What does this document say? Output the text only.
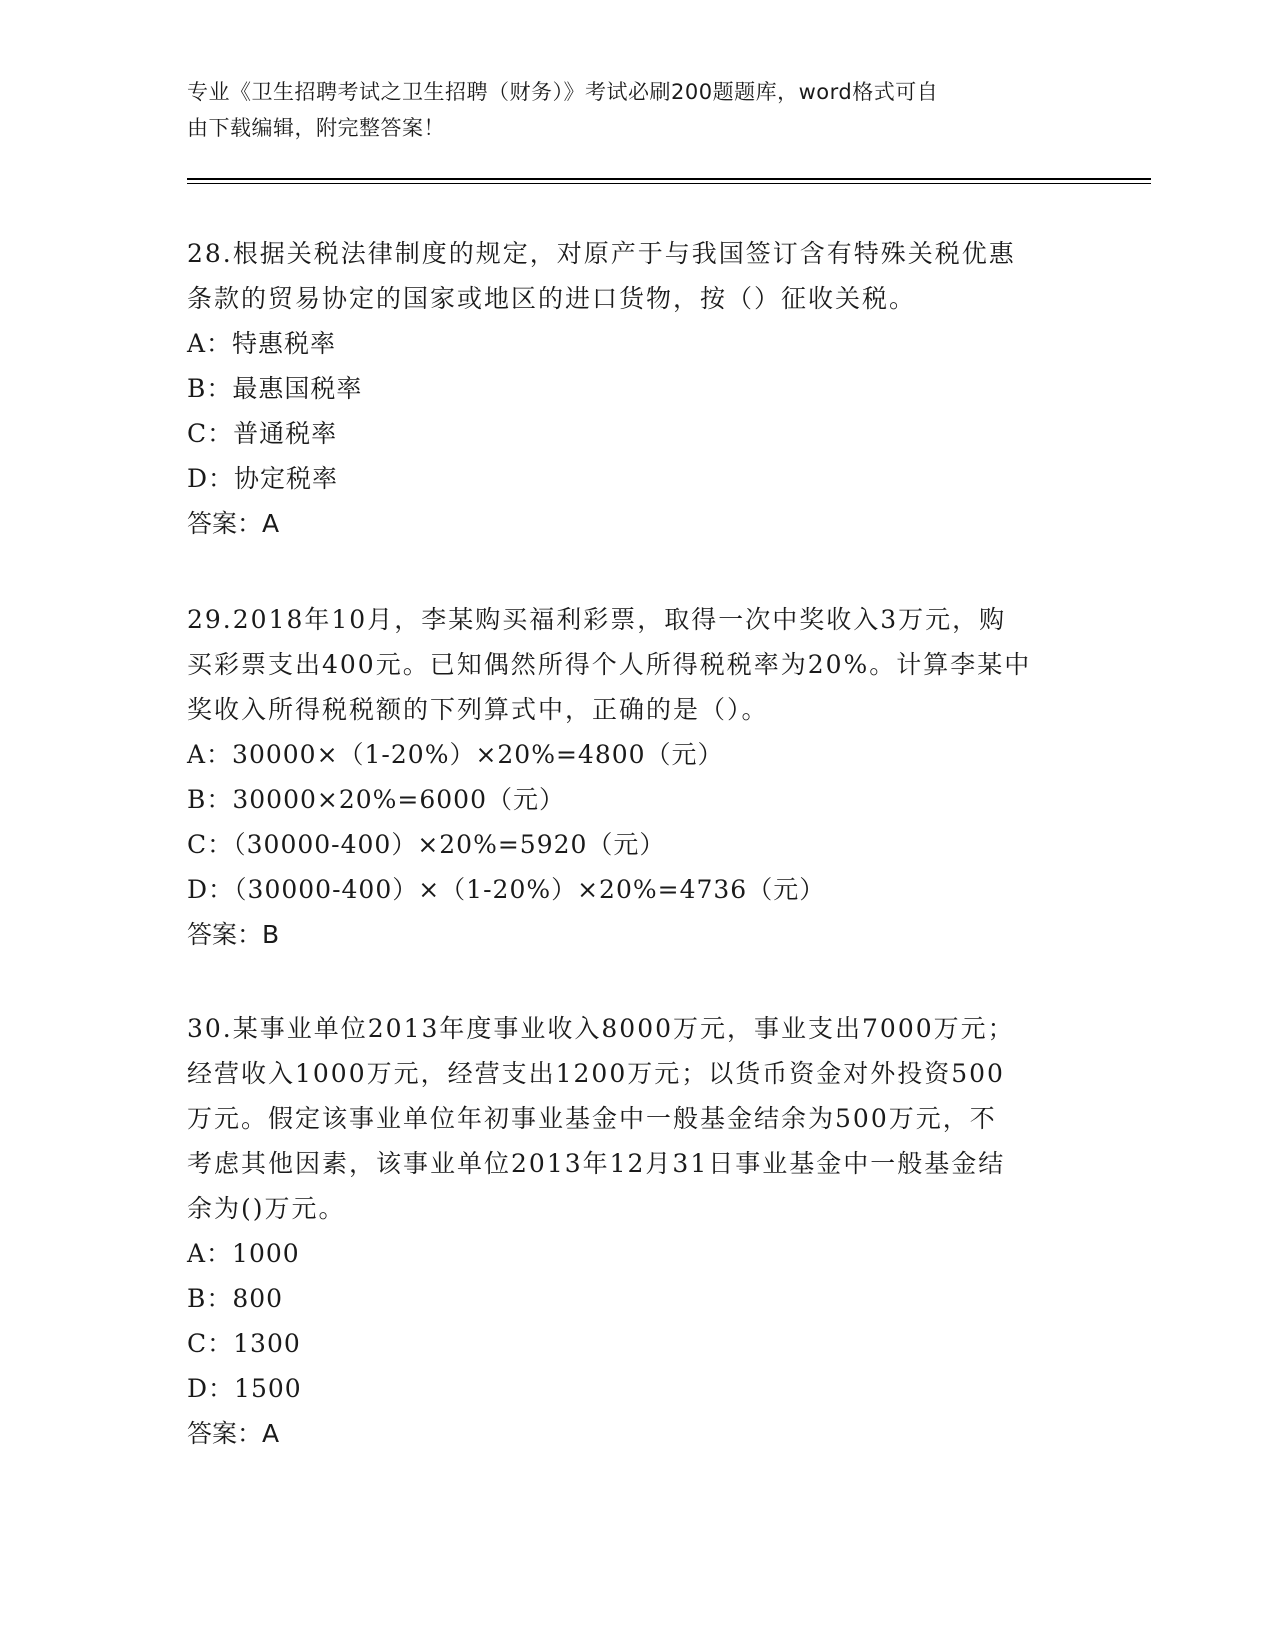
专业《卫生招聘考试之卫生招聘（财务）》考试必刷200题题库，word格式可自
由下载编辑，附完整答案！
28.根据关税法律制度的规定，对原产于与我国签订含有特殊关税优惠
条款的贸易协定的国家或地区的进口货物，按（）征收关税。
A：特惠税率
B：最惠国税率
C：普通税率
D：协定税率
答案：A
29.2018年10月，李某购买福利彩票，取得一次中奖收入3万元，购
买彩票支出400元。已知偶然所得个人所得税税率为20%。计算李某中
奖收入所得税税额的下列算式中，正确的是（）。
A：30000×（1-20%）×20%=4800（元）
B：30000×20%=6000（元）
C：（30000-400）×20%=5920（元）
D：（30000-400）×（1-20%）×20%=4736（元）
答案：B
30.某事业单位2013年度事业收入8000万元，事业支出7000万元；
经营收入1000万元，经营支出1200万元；以货币资金对外投资500
万元。假定该事业单位年初事业基金中一般基金结余为500万元，不
考虑其他因素，该事业单位2013年12月31日事业基金中一般基金结
余为()万元。
A：1000
B：800
C：1300
D：1500
答案：A
